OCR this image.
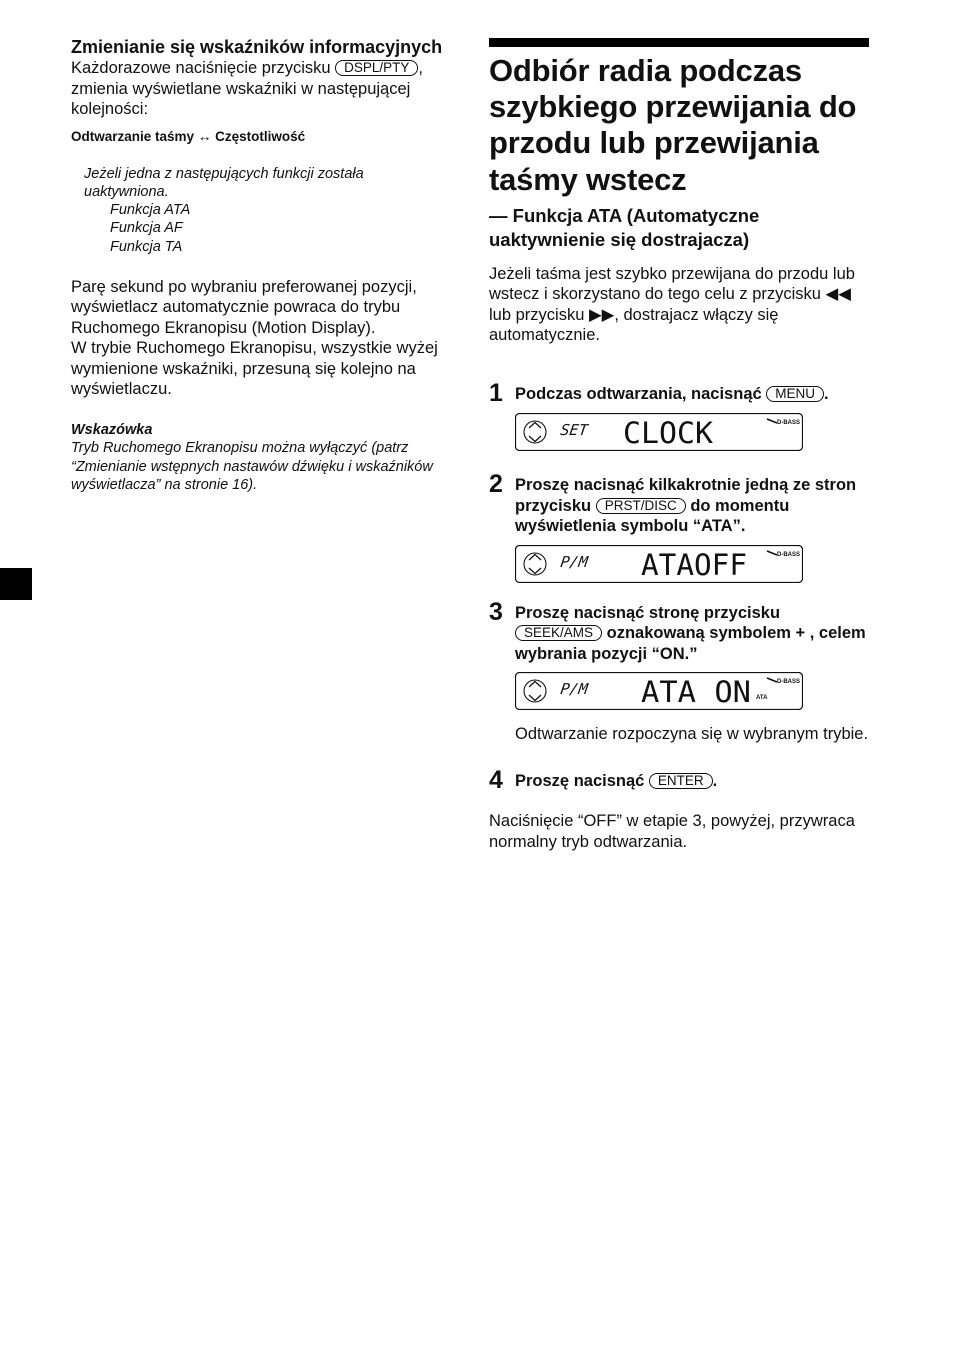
Zmienianie się wskaźników informacyjnych

Każdorazowe naciśnięcie przycisku DSPL/PTY , zmienia wyświetlane wskaźniki w następującej kolejności:

Odtwarzanie taśmy ↔ Częstotliwość

Jeżeli jedna z następujących funkcji została uaktywniona.
Funkcja ATA
Funkcja AF
Funkcja TA

Parę sekund po wybraniu preferowanej pozycji, wyświetlacz automatycznie powraca do trybu Ruchomego Ekranopisu (Motion Display).

W trybie Ruchomego Ekranopisu, wszystkie wyżej wymienione wskaźniki, przesuną się kolejno na wyświetlaczu.

Wskazówka

Tryb Ruchomego Ekranopisu można wyłączyć (patrz “Zmienianie wstępnych nastawów dźwięku i wskaźników wyświetlacza” na stronie 16).

Odbiór radia podczas szybkiego przewijania do przodu lub przewijania taśmy wstecz

— Funkcja ATA (Automatyczne uaktywnienie się dostrajacza)

Jeżeli taśma jest szybko przewijana do przodu lub wstecz i skorzystano do tego celu z przycisku ◀◀ lub przycisku ▶▶, dostrajacz włączy się automatycznie.

1 Podczas odtwarzania, nacisnąć MENU .

SET CLOCK	D-BASS
2 Proszę nacisnąć kilkakrotnie jedną ze stron przycisku PRST/DISC do momentu wyświetlenia symbolu “ATA”.

P/M ATAOFF	D-BASS
3 Proszę nacisnąć stronę przycisku SEEK/AMS oznakowaną symbolem + , celem wybrania pozycji “ON.”

P/M ATA ON ATA
D-BASS

Odtwarzanie rozpoczyna się w wybranym trybie.

4 Proszę nacisnąć ENTER .

Naciśnięcie “OFF” w etapie 3, powyżej, przywraca normalny tryb odtwarzania.
